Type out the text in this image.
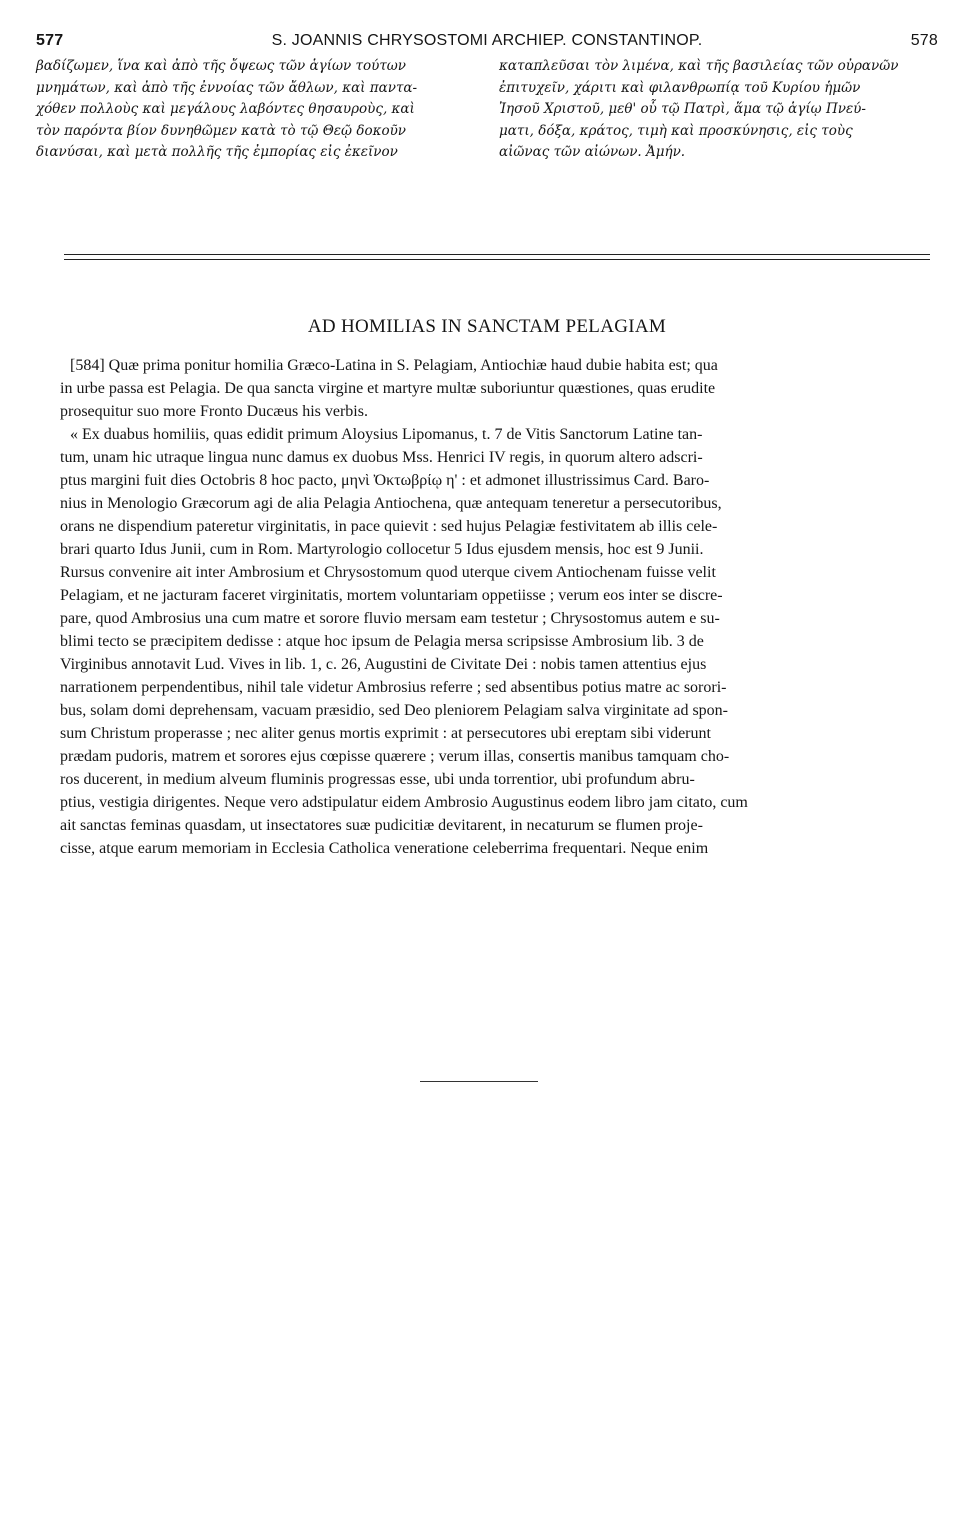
577	S. JOANNIS CHRYSOSTOMI ARCHIEP. CONSTANTINOP.	578
βαδίζωμεν, ἵνα καὶ ἀπὸ τῆς ὄψεως τῶν ἁγίων τούτων
μνημάτων, καὶ ἀπὸ τῆς ἐννοίας τῶν ἄθλων, καὶ παντα-
χόθεν πολλοὺς καὶ μεγάλους λαβόντες θησαυροὺς, καὶ
τὸν παρόντα βίον δυνηθῶμεν κατὰ τὸ τῷ Θεῷ δοκοῦν
διανύσαι, καὶ μετὰ πολλῆς τῆς ἐμπορίας εἰς ἐκεῖνον
καταπλεῦσαι τὸν λιμένα, καὶ τῆς βασιλείας τῶν οὐρανῶν
ἐπιτυχεῖν, χάριτι καὶ φιλανθρωπίᾳ τοῦ Κυρίου ἡμῶν
Ἰησοῦ Χριστοῦ, μεθ' οὗ τῷ Πατρὶ, ἅμα τῷ ἁγίῳ Πνεύ-
ματι, δόξα, κράτος, τιμὴ καὶ προσκύνησις, εἰς τοὺς
αἰῶνας τῶν αἰώνων. Ἀμήν.
AD HOMILIAS IN SANCTAM PELAGIAM
[584] Quæ prima ponitur homilia Græco-Latina in S. Pelagiam, Antiochiæ haud dubie habita est; qua
in urbe passa est Pelagia. De qua sancta virgine et martyre multæ suboriuntur quæstiones, quas erudite
prosequitur suo more Fronto Ducæus his verbis.
« Ex duabus homiliis, quas edidit primum Aloysius Lipomanus, t. 7 de Vitis Sanctorum Latine tan-
tum, unam hic utraque lingua nunc damus ex duobus Mss. Henrici IV regis, in quorum altero adscri-
ptus margini fuit dies Octobris 8 hoc pacto, μηνὶ Ὀκτωβρίῳ η' : et admonet illustrissimus Card. Baro-
nius in Menologio Græcorum agi de alia Pelagia Antiochena, quæ antequam teneretur a persecutoribus,
orans ne dispendium pateretur virginitatis, in pace quievit : sed hujus Pelagiæ festivitatem ab illis cele-
brari quarto Idus Junii, cum in Rom. Martyrologio collocetur 5 Idus ejusdem mensis, hoc est 9 Junii.
Rursus convenire ait inter Ambrosium et Chrysostomum quod uterque civem Antiochenam fuisse velit
Pelagiam, et ne jacturam faceret virginitatis, mortem voluntariam oppetiisse ; verum eos inter se discre-
pare, quod Ambrosius una cum matre et sorore fluvio mersam eam testetur ; Chrysostomus autem e su-
blimi tecto se præcipitem dedisse : atque hoc ipsum de Pelagia mersa scripsisse Ambrosium lib. 3 de
Virginibus annotavit Lud. Vives in lib. 1, c. 26, Augustini de Civitate Dei : nobis tamen attentius ejus
narrationem perpendentibus, nihil tale videtur Ambrosius referre ; sed absentibus potius matre ac sorori-
bus, solam domi deprehensam, vacuam præsidio, sed Deo pleniorem Pelagiam salva virginitate ad spon-
sum Christum properasse ; nec aliter genus mortis exprimit : at persecutores ubi ereptam sibi viderunt
prædam pudoris, matrem et sorores ejus cœpisse quærere ; verum illas, consertis manibus tamquam cho-
ros ducerent, in medium alveum fluminis progressas esse, ubi unda torrentior, ubi profundum abru-
ptius, vestigia dirigentes. Neque vero adstipulatur eidem Ambrosio Augustinus eodem libro jam citato, cum
ait sanctas feminas quasdam, ut insectatores suæ pudicitiæ devitarent, in necaturum se flumen proje-
cisse, atque earum memoriam in Ecclesia Catholica veneratione celeberrima frequentari. Neque enim
